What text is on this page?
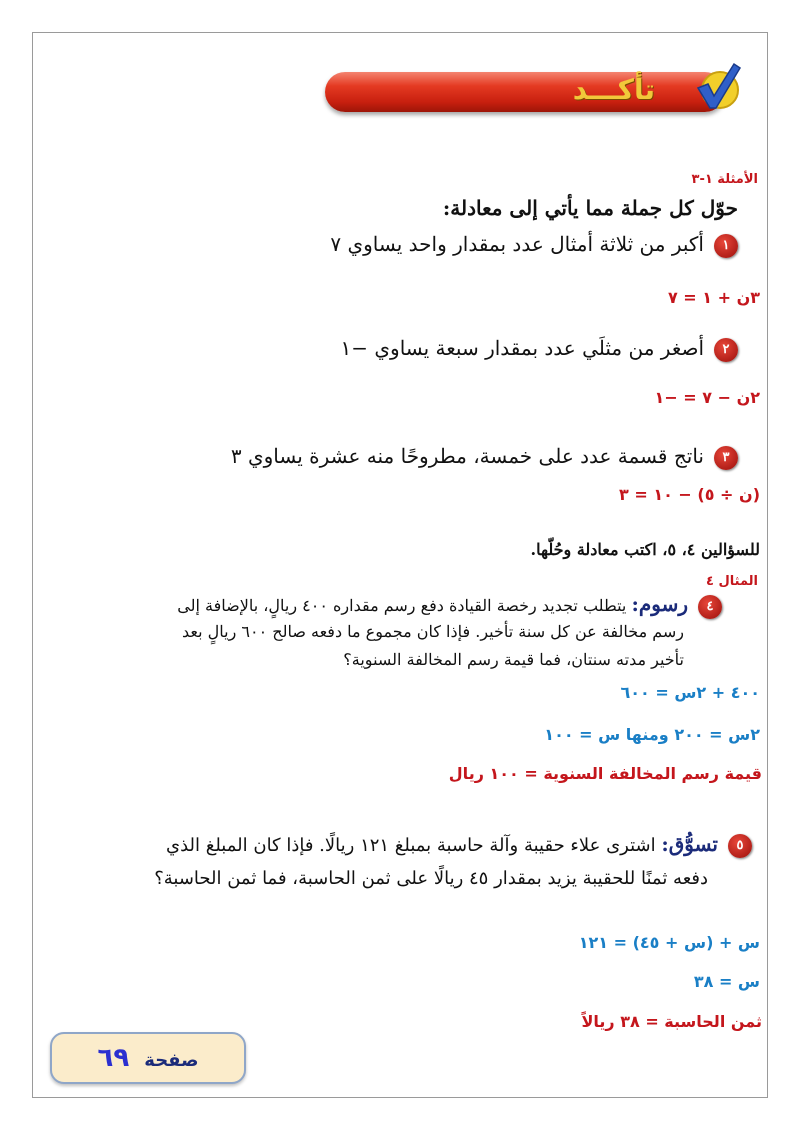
تأكـــد
الأمثلة ١-٣
حوّل كل جملة مما يأتي إلى معادلة:
١أكبر من ثلاثة أمثال عدد بمقدار واحد يساوي ٧
٣ن + ١ = ٧
٢أصغر من مثلَي عدد بمقدار سبعة يساوي −١
٢ن − ٧ = −١
٣ناتج قسمة عدد على خمسة، مطروحًا منه عشرة يساوي ٣
(ن ÷ ٥) − ١٠ = ٣
للسؤالين ٤، ٥، اكتب معادلة وحُلّها.
المثال ٤
٤رسوم: يتطلب تجديد رخصة القيادة دفع رسم مقداره ٤٠٠ ريالٍ، بالإضافة إلى
رسم مخالفة عن كل سنة تأخير. فإذا كان مجموع ما دفعه صالح ٦٠٠ ريالٍ بعد
تأخير مدته سنتان، فما قيمة رسم المخالفة السنوية؟
٤٠٠ + ٢س = ٦٠٠
٢س = ٢٠٠ ومنها س = ١٠٠
قيمة رسم المخالفة السنوية = ١٠٠ ريال
٥تسوُّق: اشترى علاء حقيبة وآلة حاسبة بمبلغ ١٢١ ريالًا. فإذا كان المبلغ الذي
دفعه ثمنًا للحقيبة يزيد بمقدار ٤٥ ريالًا على ثمن الحاسبة، فما ثمن الحاسبة؟
س + (س + ٤٥) = ١٢١
س = ٣٨
ثمن الحاسبة = ٣٨ ريالاً
صفحة ٦٩
